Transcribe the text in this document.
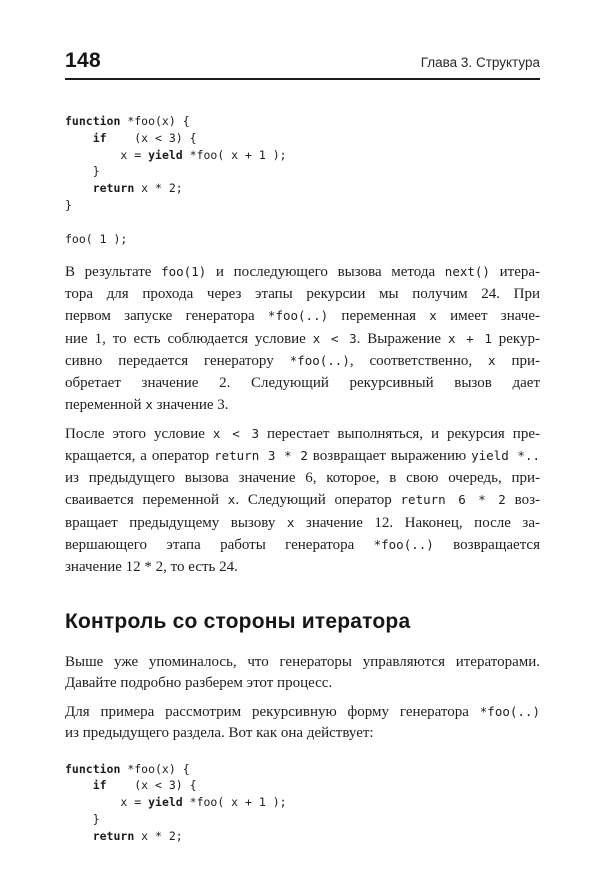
148	Глава 3. Структура
function *foo(x) {
if    (x < 3) {
x = yield *foo( x + 1 );
}
return x * 2;
}

foo( 1 );
В результате foo(1) и последующего вызова метода next() итера-
тора для прохода через этапы рекурсии мы получим 24. При
первом запуске генератора *foo(..) переменная x имеет значе-
ние 1, то есть соблюдается условие x < 3. Выражение x + 1 рекур-
сивно передается генератору *foo(..), соответственно, x при-
обретает значение 2. Следующий рекурсивный вызов дает
переменной x значение 3.
После этого условие x < 3 перестает выполняться, и рекурсия пре-
кращается, а оператор return 3 * 2 возвращает выражению yield *..
из предыдущего вызова значение 6, которое, в свою очередь, при-
сваивается переменной x. Следующий оператор return 6 * 2 воз-
вращает предыдущему вызову x значение 12. Наконец, после за-
вершающего этапа работы генератора *foo(..) возвращается
значение 12 * 2, то есть 24.
Контроль со стороны итератора
Выше уже упоминалось, что генераторы управляются итераторами.
Давайте подробно разберем этот процесс.
Для примера рассмотрим рекурсивную форму генератора *foo(..)
из предыдущего раздела. Вот как она действует:
function *foo(x) {
if    (x < 3) {
x = yield *foo( x + 1 );
}
return x * 2;
